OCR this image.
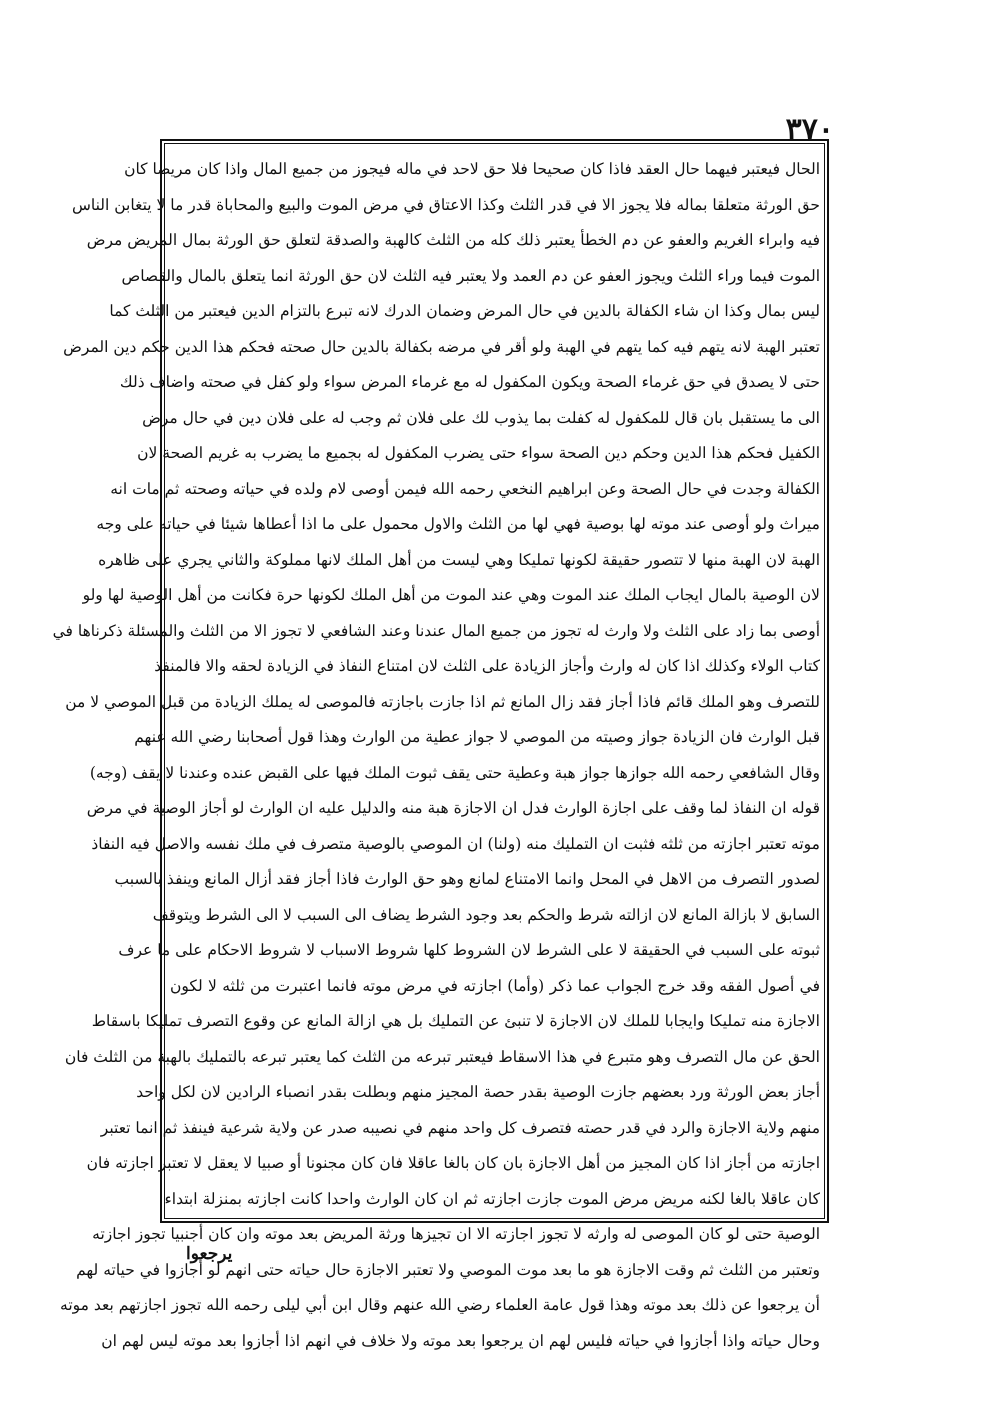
٣٧٠
الحال فيعتبر فيهما حال العقد فاذا كان صحيحا فلا حق لاحد في ماله فيجوز من جميع المال واذا كان مريضا كان
حق الورثة متعلقا بماله فلا يجوز الا في قدر الثلث وكذا الاعتاق في مرض الموت والبيع والمحاباة قدر ما لا يتغابن الناس
فيه وابراء الغريم والعفو عن دم الخطأ يعتبر ذلك كله من الثلث كالهبة والصدقة لتعلق حق الورثة بمال المريض مرض
الموت فيما وراء الثلث ويجوز العفو عن دم العمد ولا يعتبر فيه الثلث لان حق الورثة انما يتعلق بالمال والقصاص
ليس بمال وكذا ان شاء الكفالة بالدين في حال المرض وضمان الدرك لانه تبرع بالتزام الدين فيعتبر من الثلث كما
تعتبر الهبة لانه يتهم فيه كما يتهم في الهبة ولو أقر في مرضه بكفالة بالدين حال صحته فحكم هذا الدين حكم دين المرض
حتى لا يصدق في حق غرماء الصحة ويكون المكفول له مع غرماء المرض سواء ولو كفل في صحته واضاف ذلك
الى ما يستقبل بان قال للمكفول له كفلت بما يذوب لك على فلان ثم وجب له على فلان دين في حال مرض
الكفيل فحكم هذا الدين وحكم دين الصحة سواء حتى يضرب المكفول له بجميع ما يضرب به غريم الصحة لان
الكفالة وجدت في حال الصحة وعن ابراهيم النخعي رحمه الله فيمن أوصى لام ولده في حياته وصحته ثم مات انه
ميراث ولو أوصى عند موته لها بوصية فهي لها من الثلث والاول محمول على ما اذا أعطاها شيئا في حياته على وجه
الهبة لان الهبة منها لا تتصور حقيقة لكونها تمليكا وهي ليست من أهل الملك لانها مملوكة والثاني يجري على ظاهره
لان الوصية بالمال ايجاب الملك عند الموت وهي عند الموت من أهل الملك لكونها حرة فكانت من أهل الوصية لها ولو
أوصى بما زاد على الثلث ولا وارث له تجوز من جميع المال عندنا وعند الشافعي لا تجوز الا من الثلث والمسئلة ذكرناها في
كتاب الولاء وكذلك اذا كان له وارث وأجاز الزيادة على الثلث لان امتناع النفاذ في الزيادة لحقه والا فالمنفذ
للتصرف وهو الملك قائم فاذا أجاز فقد زال المانع ثم اذا جازت باجازته فالموصى له يملك الزيادة من قبل الموصي لا من
قبل الوارث فان الزيادة جواز وصيته من الموصي لا جواز عطية من الوارث وهذا قول أصحابنا رضي الله عنهم
وقال الشافعي رحمه الله جوازها جواز هبة وعطية حتى يقف ثبوت الملك فيها على القبض عنده وعندنا لا يقف (وجه)
قوله ان النفاذ لما وقف على اجازة الوارث فدل ان الاجازة هبة منه والدليل عليه ان الوارث لو أجاز الوصية في مرض
موته تعتبر اجازته من ثلثه فثبت ان التمليك منه (ولنا) ان الموصي بالوصية متصرف في ملك نفسه والاصل فيه النفاذ
لصدور التصرف من الاهل في المحل وانما الامتناع لمانع وهو حق الوارث فاذا أجاز فقد أزال المانع وينفذ بالسبب
السابق لا بازالة المانع لان ازالته شرط والحكم بعد وجود الشرط يضاف الى السبب لا الى الشرط ويتوقف
ثبوته على السبب في الحقيقة لا على الشرط لان الشروط كلها شروط الاسباب لا شروط الاحكام على ما عرف
في أصول الفقه وقد خرج الجواب عما ذكر (وأما) اجازته في مرض موته فانما اعتبرت من ثلثه لا لكون
الاجازة منه تمليكا وايجابا للملك لان الاجازة لا تنبئ عن التمليك بل هي ازالة المانع عن وقوع التصرف تمليكا باسقاط
الحق عن مال التصرف وهو متبرع في هذا الاسقاط فيعتبر تبرعه من الثلث كما يعتبر تبرعه بالتمليك بالهبة من الثلث فان
أجاز بعض الورثة ورد بعضهم جازت الوصية بقدر حصة المجيز منهم وبطلت بقدر انصباء الرادين لان لكل واحد
منهم ولاية الاجازة والرد في قدر حصته فتصرف كل واحد منهم في نصيبه صدر عن ولاية شرعية فينفذ ثم انما تعتبر
اجازته من أجاز اذا كان المجيز من أهل الاجازة بان كان بالغا عاقلا فان كان مجنونا أو صبيا لا يعقل لا تعتبر اجازته فان
كان عاقلا بالغا لكنه مريض مرض الموت جازت اجازته ثم ان كان الوارث واحدا كانت اجازته بمنزلة ابتداء
الوصية حتى لو كان الموصى له وارثه لا تجوز اجازته الا ان تجيزها ورثة المريض بعد موته وان كان أجنبيا تجوز اجازته
وتعتبر من الثلث ثم وقت الاجازة هو ما بعد موت الموصي ولا تعتبر الاجازة حال حياته حتى انهم لو أجازوا في حياته لهم
أن يرجعوا عن ذلك بعد موته وهذا قول عامة العلماء رضي الله عنهم وقال ابن أبي ليلى رحمه الله تجوز اجازتهم بعد موته
وحال حياته واذا أجازوا في حياته فليس لهم ان يرجعوا بعد موته ولا خلاف في انهم اذا أجازوا بعد موته ليس لهم ان
يرجعوا
